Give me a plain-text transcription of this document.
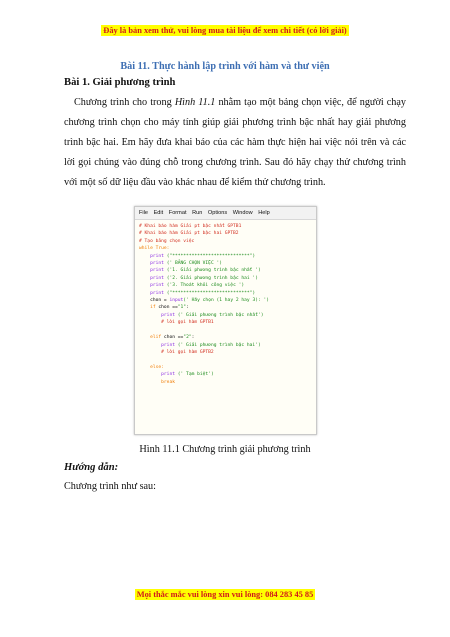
Đây là bản xem thử, vui lòng mua tài liệu để xem chi tiết (có lời giải)
Bài 11. Thực hành lập trình với hàm và thư viện
Bài 1. Giải phương trình
Chương trình cho trong Hình 11.1 nhằm tạo một bảng chọn việc, để người chạy chương trình chọn cho máy tính giúp giải phương trình bậc nhất hay giải phương trình bậc hai. Em hãy đưa khai báo của các hàm thực hiện hai việc nói trên và các lời gọi chúng vào đúng chỗ trong chương trình. Sau đó hãy chạy thử chương trình với một số dữ liệu đầu vào khác nhau để kiểm thử chương trình.
File Edit Format Run Options Window Help
# Khai báo hàm Giải pt bậc nhất GPTB1
# Khai báo hàm Giải pt bậc hai GPTB2
# Tạo bảng chọn việc
while True:
print ("****************************")
print (' BẢNG CHỌN VIỆC ')
print ('1. Giải phương trình bậc nhất ')
print ('2. Giải phương trình bậc hai ')
print ('3. Thoát khỏi công việc ')
print ("****************************")
chon = input(' Hãy chọn (1 hay 2 hay 3): ')
if chon =="1":
print (' Giải phương trình bậc nhất')
# lời gọi hàm GPTB1

elif chon =="2":
print (' Giải phương trình bậc hai')
# lời gọi hàm GPTB2

else:
print (' Tạm biệt')
break
Hình 11.1 Chương trình giải phương trình
Hướng dẫn:
Chương trình như sau:
Mọi thắc mắc vui lòng xin vui lòng: 084 283 45 85
